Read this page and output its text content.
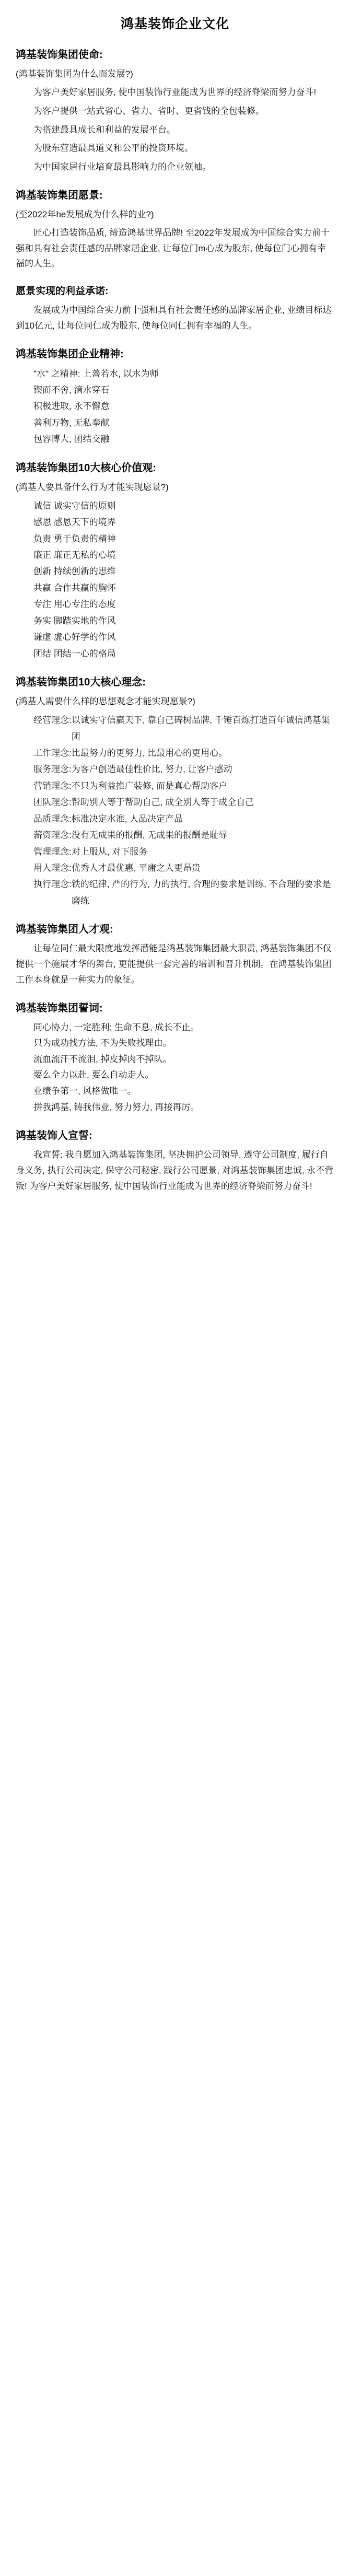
鸿基装饰企业文化
鸿基装饰集团使命:
(鸿基装饰集团为什么而发展?)

为客户美好家居服务, 使中国装饰行业能成为世界的经济脊梁而努力奋斗!

为客户提供一站式省心、省力、省时、更省钱的全包装修。

为搭建最具成长和利益的发展平台。

为股东营造最具道义和公平的投资环境。

为中国家居行业培育最具影响力的企业领袖。

鸿基装饰集团愿景:
(至2022年he发展成为什么样的业?)

匠心打造装饰品质, 缔造鸿基世界品牌! 至2022年发展成为中国综合实力前十强和具有社会责任感的品牌家居企业, 让每位门m心成为股东, 使每位门心拥有幸福的人生。

愿景实现的利益承诺:

发展成为中国综合实力前十强和具有社会责任感的品牌家居企业, 业绩目标达到10亿元, 让每位同仁成为股东, 使每位同仁拥有幸福的人生。

鸿基装饰集团企业精神:
"水" 之精神: 上善若水, 以水为师
锲而不舍, 滴水穿石
积极进取, 永不懈怠
善利万物, 无私奉献
包容博大, 团结交融
鸿基装饰集团10大核心价值观:
(鸿基人要具备什么行为才能实现愿景?)
诚信 诚实守信的原则
感恩 感恩天下的境界
负责 勇于负责的精神
廉正 廉正无私的心境
创新 持续创新的思维
共赢 合作共赢的胸怀
专注 用心专注的态度
务实 脚踏实地的作风
谦虚 虚心好学的作风
团结 团结一心的格局
鸿基装饰集团10大核心理念:
(鸿基人需要什么样的思想观念才能实现愿景?)
经营理念: 以诚实守信赢天下, 靠自己碑树品牌, 千锤百炼打造百年诚信鸿基集团
工作理念: 比最努力的更努力, 比最用心的更用心。
服务理念: 为客户创造最佳性价比, 努力, 让客户感动
营销理念: 不只为利益推广装修, 而是真心帮助客户
团队理念: 帮助别人等于帮助自己, 成全别人等于成全自己
品质理念: 标准决定水准, 人品决定产品
薪资理念: 没有无成果的报酬, 无成果的报酬是耻辱
管理理念: 对上服从, 对下服务
用人理念: 优秀人才最优惠, 平庸之人更昂贵
执行理念: 铁的纪律, 严的行为, 力的执行, 合理的要求是训练, 不合理的要求是磨练
鸿基装饰集团人才观:

让每位同仁最大限度地发挥潜能是鸿基装饰集团最大职责, 鸿基装饰集团不仅提供一个施展才华的舞台, 更能提供一套完善的培训和晋升机制。在鸿基装饰集团工作本身就是一种实力的象征。

鸿基装饰集团誓词:
同心协力, 一定胜利; 生命不息, 成长不止。
只为成功找方法, 不为失败找理由。
流血流汗不流泪, 掉皮掉肉不掉队。
要么全力以赴, 要么自动走人。
业绩争第一, 风格做唯一。
拼我鸿基, 铸我伟业, 努力努力, 再接再厉。
鸿基装饰人宣誓:

我宣誓: 我自愿加入鸿基装饰集团, 坚决拥护公司领导, 遵守公司制度, 履行自身义务, 执行公司决定, 保守公司秘密, 践行公司愿景, 对鸿基装饰集团忠诚, 永不背叛! 为客户美好家居服务, 使中国装饰行业能成为世界的经济脊梁而努力奋斗!
